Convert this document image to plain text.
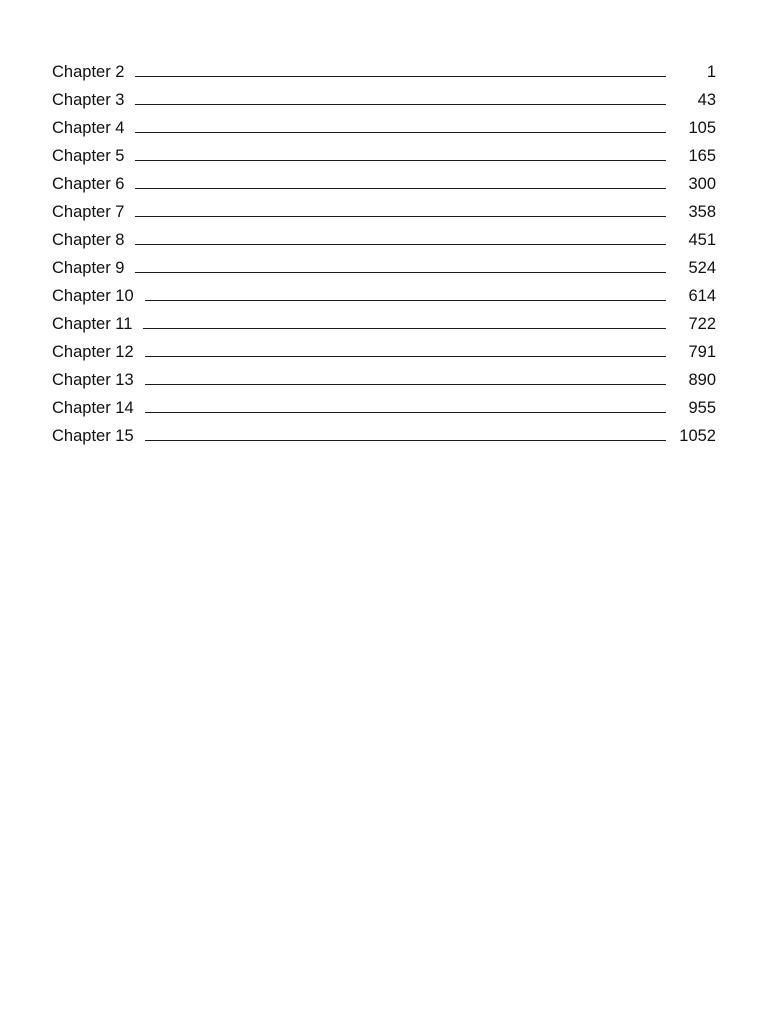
Chapter 2	1
Chapter 3	43
Chapter 4	105
Chapter 5	165
Chapter 6	300
Chapter 7	358
Chapter 8	451
Chapter 9	524
Chapter 10	614
Chapter 11	722
Chapter 12	791
Chapter 13	890
Chapter 14	955
Chapter 15	1052
